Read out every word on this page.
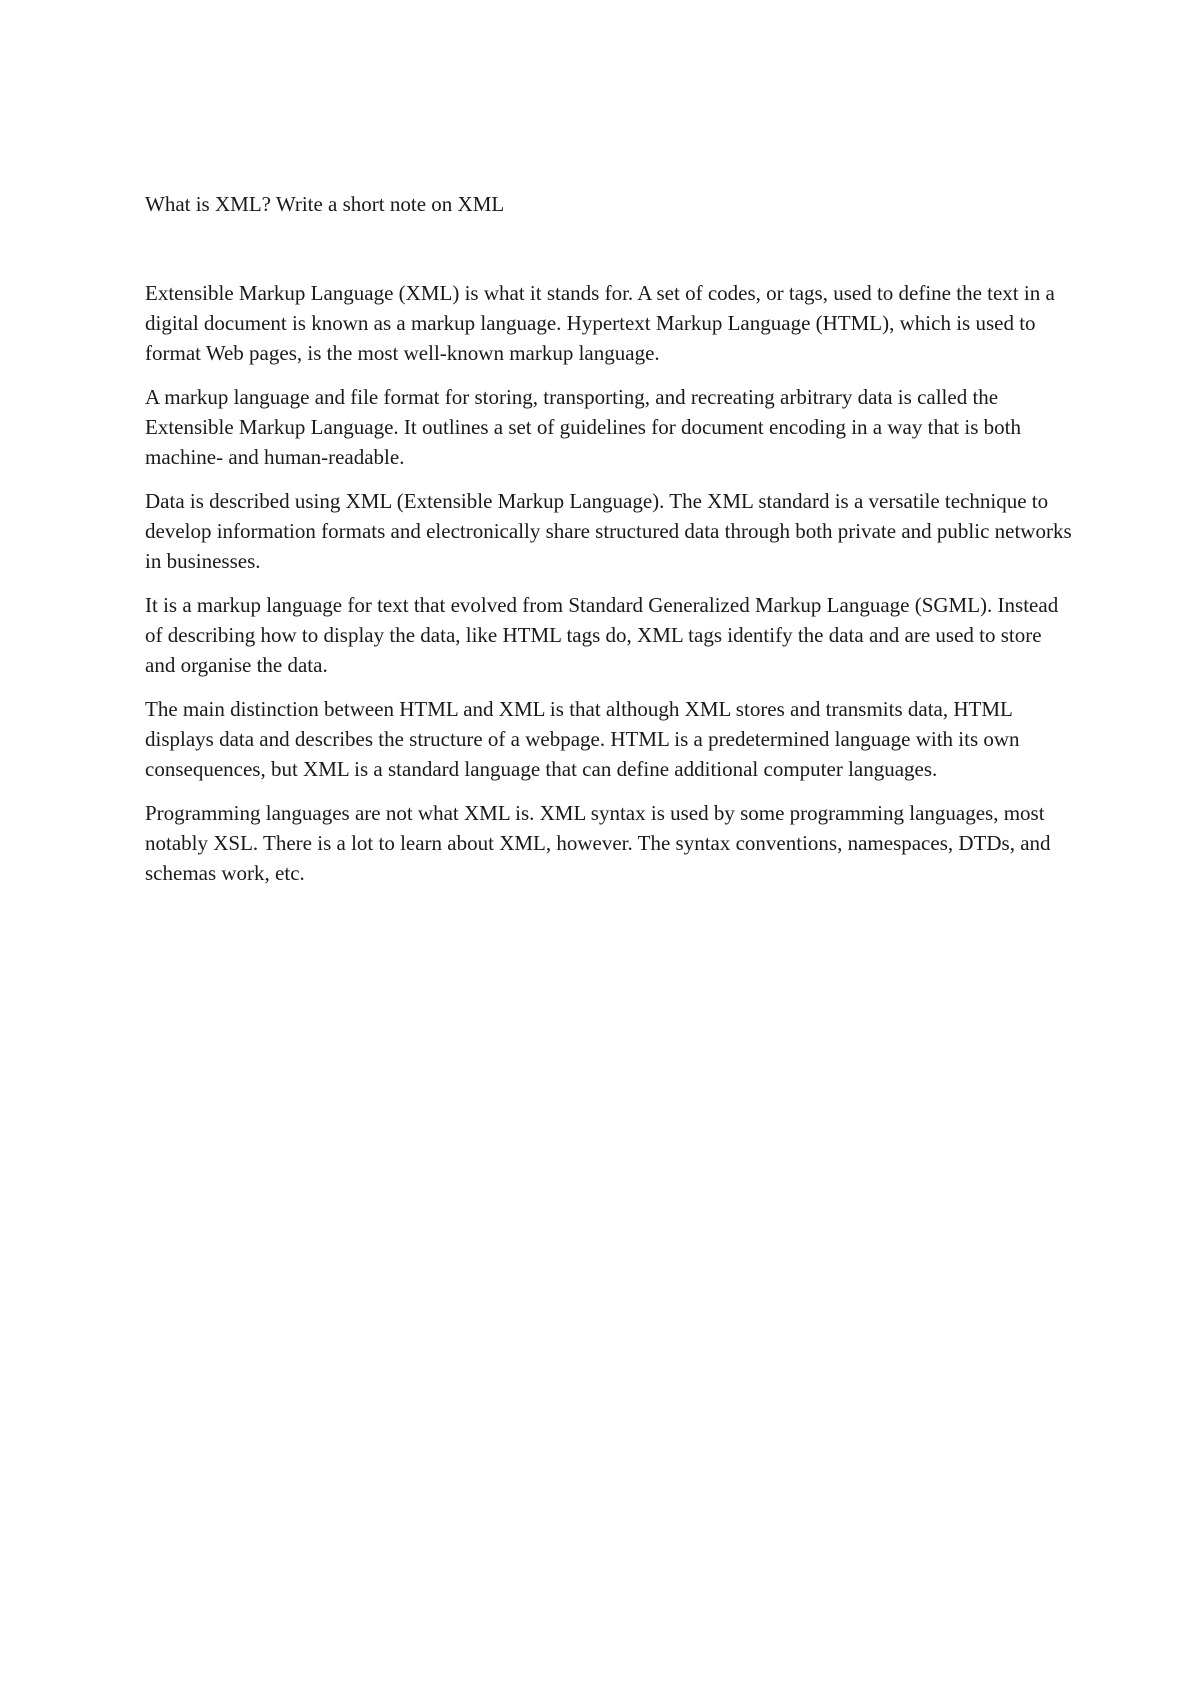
What is XML? Write a short note on XML

Extensible Markup Language (XML) is what it stands for. A set of codes, or tags, used to define the text in a digital document is known as a markup language. Hypertext Markup Language (HTML), which is used to format Web pages, is the most well-known markup language.

A markup language and file format for storing, transporting, and recreating arbitrary data is called the Extensible Markup Language. It outlines a set of guidelines for document encoding in a way that is both machine- and human-readable.

Data is described using XML (Extensible Markup Language). The XML standard is a versatile technique to develop information formats and electronically share structured data through both private and public networks in businesses.

It is a markup language for text that evolved from Standard Generalized Markup Language (SGML). Instead of describing how to display the data, like HTML tags do, XML tags identify the data and are used to store and organise the data.

The main distinction between HTML and XML is that although XML stores and transmits data, HTML displays data and describes the structure of a webpage. HTML is a predetermined language with its own consequences, but XML is a standard language that can define additional computer languages.

Programming languages are not what XML is. XML syntax is used by some programming languages, most notably XSL. There is a lot to learn about XML, however. The syntax conventions, namespaces, DTDs, and schemas work, etc.
